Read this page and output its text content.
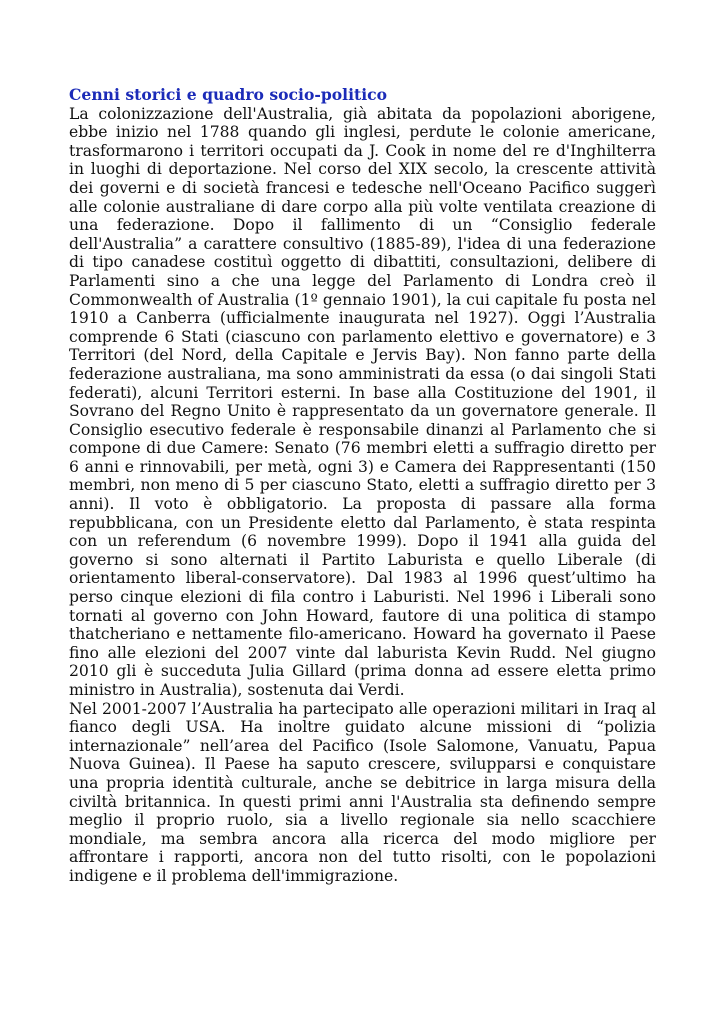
Cenni storici e quadro socio-politico

La colonizzazione dell'Australia, già abitata da popolazioni aborigene, ebbe inizio nel 1788 quando gli inglesi, perdute le colonie americane, trasformarono i territori occupati da J. Cook in nome del re d'Inghilterra in luoghi di deportazione. Nel corso del XIX secolo, la crescente attività dei governi e di società francesi e tedesche nell'Oceano Pacifico suggerì alle colonie australiane di dare corpo alla più volte ventilata creazione di una federazione. Dopo il fallimento di un “Consiglio federale dell'Australia” a carattere consultivo (1885-89), l'idea di una federazione di tipo canadese costituì oggetto di dibattiti, consultazioni, delibere di Parlamenti sino a che una legge del Parlamento di Londra creò il Commonwealth of Australia (1º gennaio 1901), la cui capitale fu posta nel 1910 a Canberra (ufficialmente inaugurata nel 1927). Oggi l’Australia comprende 6 Stati (ciascuno con parlamento elettivo e governatore) e 3 Territori (del Nord, della Capitale e Jervis Bay). Non fanno parte della federazione australiana, ma sono amministrati da essa (o dai singoli Stati federati), alcuni Territori esterni. In base alla Costituzione del 1901, il Sovrano del Regno Unito è rappresentato da un governatore generale. Il Consiglio esecutivo federale è responsabile dinanzi al Parlamento che si compone di due Camere: Senato (76 membri eletti a suffragio diretto per 6 anni e rinnovabili, per metà, ogni 3) e Camera dei Rappresentanti (150 membri, non meno di 5 per ciascuno Stato, eletti a suffragio diretto per 3 anni). Il voto è obbligatorio. La proposta di passare alla forma repubblicana, con un Presidente eletto dal Parlamento, è stata respinta con un referendum (6 novembre 1999). Dopo il 1941 alla guida del governo si sono alternati il Partito Laburista e quello Liberale (di orientamento liberal-conservatore). Dal 1983 al 1996 quest’ultimo ha perso cinque elezioni di fila contro i Laburisti. Nel 1996 i Liberali sono tornati al governo con John Howard, fautore di una politica di stampo thatcheriano e nettamente filo-americano. Howard ha governato il Paese fino alle elezioni del 2007 vinte dal laburista Kevin Rudd. Nel giugno 2010 gli è succeduta Julia Gillard (prima donna ad essere eletta primo ministro in Australia), sostenuta dai Verdi.

Nel 2001-2007 l’Australia ha partecipato alle operazioni militari in Iraq al fianco degli USA. Ha inoltre guidato alcune missioni di “polizia internazionale” nell’area del Pacifico (Isole Salomone, Vanuatu, Papua Nuova Guinea). Il Paese ha saputo crescere, svilupparsi e conquistare una propria identità culturale, anche se debitrice in larga misura della civiltà britannica. In questi primi anni l'Australia sta definendo sempre meglio il proprio ruolo, sia a livello regionale sia nello scacchiere mondiale, ma sembra ancora alla ricerca del modo migliore per affrontare i rapporti, ancora non del tutto risolti, con le popolazioni indigene e il problema dell'immigrazione.
